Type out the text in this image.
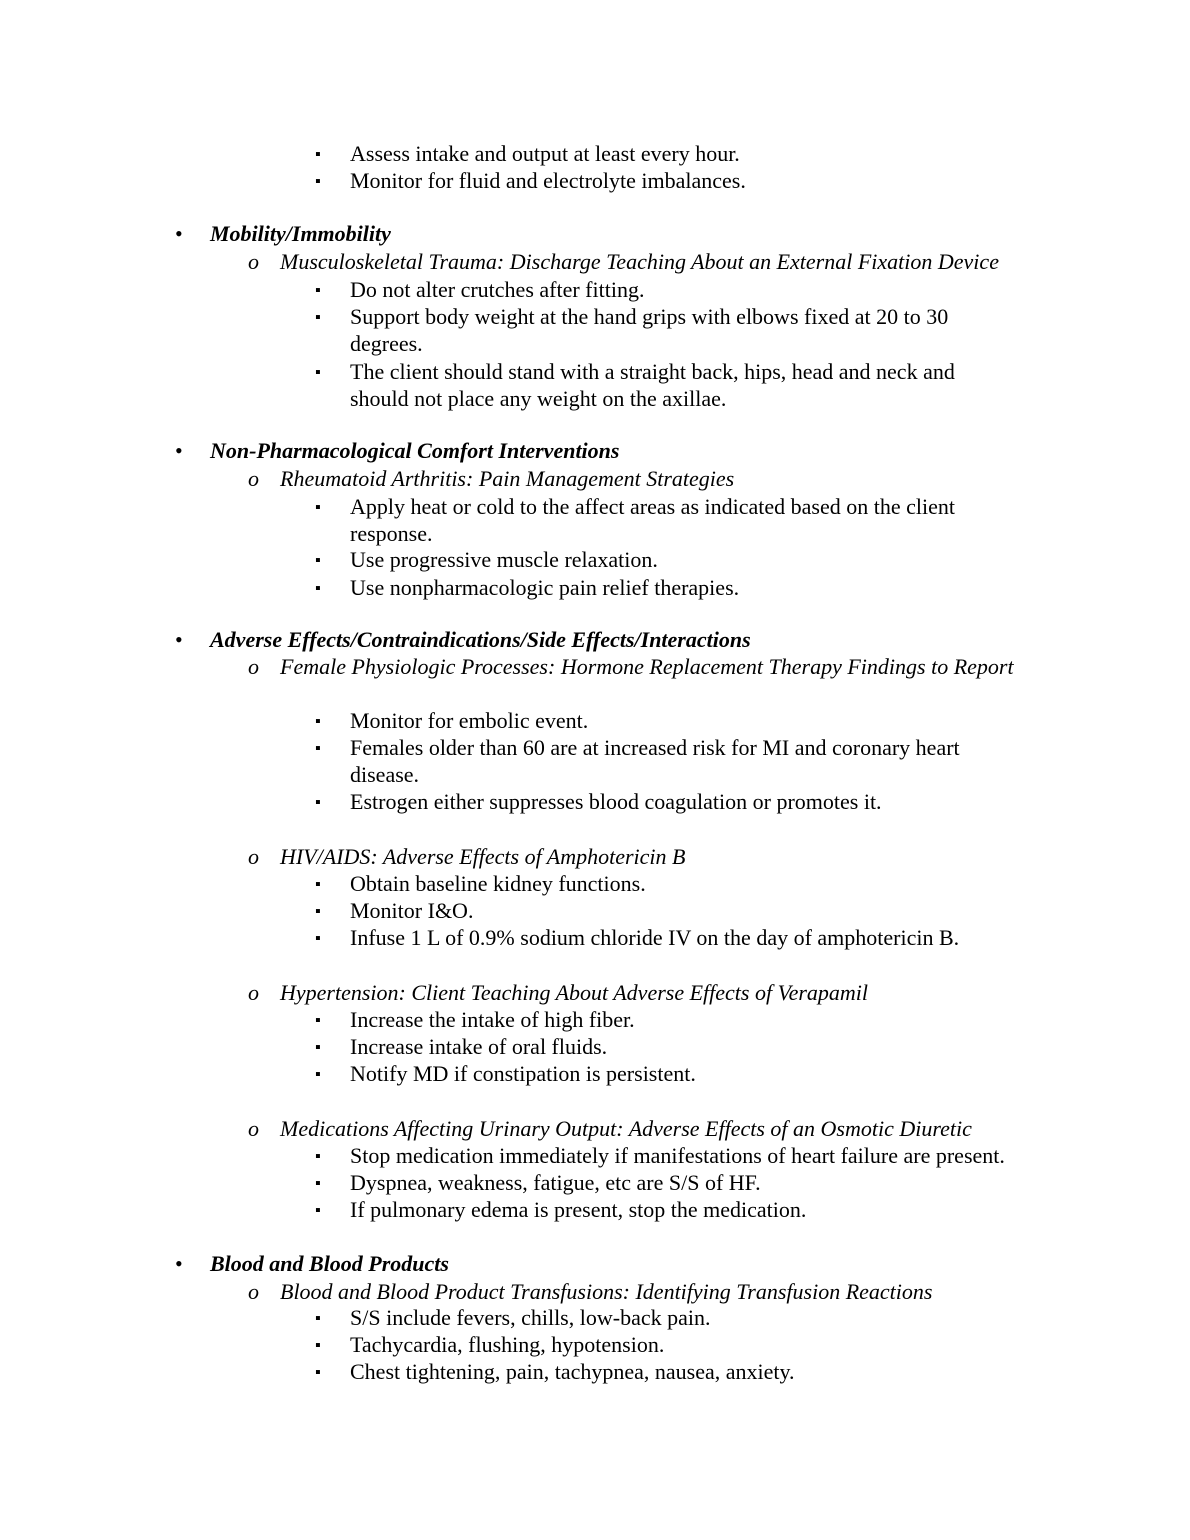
▪ Assess intake and output at least every hour.
▪ Monitor for fluid and electrolyte imbalances.
• Mobility/Immobility
o Musculoskeletal Trauma: Discharge Teaching About an External Fixation Device
▪ Do not alter crutches after fitting.
▪ Support body weight at the hand grips with elbows fixed at 20 to 30 degrees.
▪ The client should stand with a straight back, hips, head and neck and should not place any weight on the axillae.
• Non-Pharmacological Comfort Interventions
o Rheumatoid Arthritis: Pain Management Strategies
▪ Apply heat or cold to the affect areas as indicated based on the client response.
▪ Use progressive muscle relaxation.
▪ Use nonpharmacologic pain relief therapies.
• Adverse Effects/Contraindications/Side Effects/Interactions
o Female Physiologic Processes: Hormone Replacement Therapy Findings to Report
▪ Monitor for embolic event.
▪ Females older than 60 are at increased risk for MI and coronary heart disease.
▪ Estrogen either suppresses blood coagulation or promotes it.
o HIV/AIDS: Adverse Effects of Amphotericin B
▪ Obtain baseline kidney functions.
▪ Monitor I&O.
▪ Infuse 1 L of 0.9% sodium chloride IV on the day of amphotericin B.
o Hypertension: Client Teaching About Adverse Effects of Verapamil
▪ Increase the intake of high fiber.
▪ Increase intake of oral fluids.
▪ Notify MD if constipation is persistent.
o Medications Affecting Urinary Output: Adverse Effects of an Osmotic Diuretic
▪ Stop medication immediately if manifestations of heart failure are present.
▪ Dyspnea, weakness, fatigue, etc are S/S of HF.
▪ If pulmonary edema is present, stop the medication.
• Blood and Blood Products
o Blood and Blood Product Transfusions: Identifying Transfusion Reactions
▪ S/S include fevers, chills, low-back pain.
▪ Tachycardia, flushing, hypotension.
▪ Chest tightening, pain, tachypnea, nausea, anxiety.
